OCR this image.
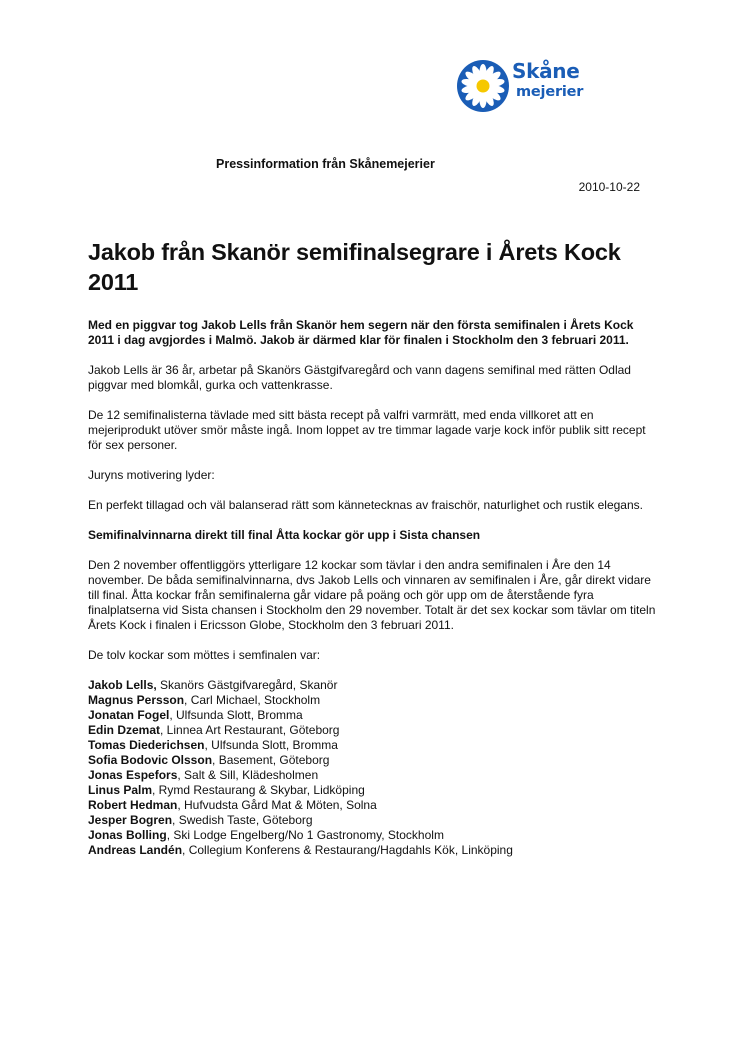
Skåne
mejerier
Pressinformation från Skånemejerier
2010-10-22
Jakob från Skanör semifinalsegrare i Årets Kock 2011

Med en piggvar tog Jakob Lells från Skanör hem segern när den första semifinalen i Årets Kock 2011 i dag avgjordes i Malmö. Jakob är därmed klar för finalen i Stockholm den 3 februari 2011.

Jakob Lells är 36 år, arbetar på Skanörs Gästgifvaregård och vann dagens semifinal med rätten Odlad piggvar med blomkål, gurka och vattenkrasse.

De 12 semifinalisterna tävlade med sitt bästa recept på valfri varmrätt, med enda villkoret att en mejeriprodukt utöver smör måste ingå. Inom loppet av tre timmar lagade varje kock inför publik sitt recept för sex personer.

Juryns motivering lyder:

En perfekt tillagad och väl balanserad rätt som kännetecknas av fraischör, naturlighet och rustik elegans.

Semifinalvinnarna direkt till final Åtta kockar gör upp i Sista chansen

Den 2 november offentliggörs ytterligare 12 kockar som tävlar i den andra semifinalen i Åre den 14 november. De båda semifinalvinnarna, dvs Jakob Lells och vinnaren av semifinalen i Åre, går direkt vidare till final. Åtta kockar från semifinalerna går vidare på poäng och gör upp om de återstående fyra finalplatserna vid Sista chansen i Stockholm den 29 november. Totalt är det sex kockar som tävlar om titeln Årets Kock i finalen i Ericsson Globe, Stockholm den 3 februari 2011.

De tolv kockar som möttes i semfinalen var:

Jakob Lells, Skanörs Gästgifvaregård, Skanör
Magnus Persson, Carl Michael, Stockholm
Jonatan Fogel, Ulfsunda Slott, Bromma
Edin Dzemat, Linnea Art Restaurant, Göteborg
Tomas Diederichsen, Ulfsunda Slott, Bromma
Sofia Bodovic Olsson, Basement, Göteborg
Jonas Espefors, Salt & Sill, Klädesholmen
Linus Palm, Rymd Restaurang & Skybar, Lidköping
Robert Hedman, Hufvudsta Gård Mat & Möten, Solna
Jesper Bogren, Swedish Taste, Göteborg
Jonas Bolling, Ski Lodge Engelberg/No 1 Gastronomy, Stockholm
Andreas Landén, Collegium Konferens & Restaurang/Hagdahls Kök, Linköping
